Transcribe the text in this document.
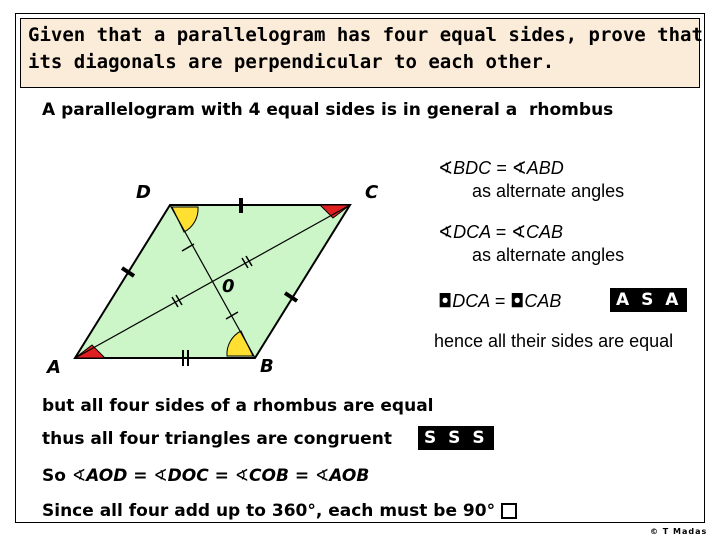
Given that a parallelogram has four equal sides, prove that
its diagonals are perpendicular to each other.
A parallelogram with 4 equal sides is in general a rhombus
D	C
A	B
0
∢BDC = ∢ABD
as alternate angles
∢DCA = ∢CAB
as alternate angles
◘DCA = ◘CAB	A S A
hence all their sides are equal
but all four sides of a rhombus are equal
thus all four triangles are congruent	S S S
So ∢AOD = ∢DOC = ∢COB = ∢AOB
Since all four add up to 360°, each must be 90°
© T Madas
